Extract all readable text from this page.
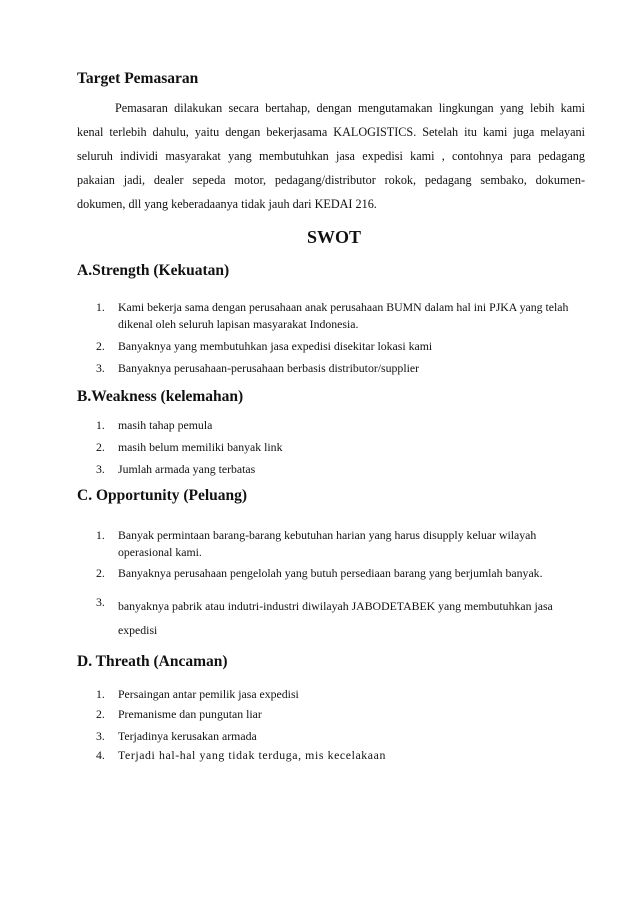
Target Pemasaran
Pemasaran dilakukan secara bertahap, dengan mengutamakan lingkungan yang lebih kami
kenal terlebih dahulu, yaitu dengan bekerjasama KALOGISTICS. Setelah itu kami juga melayani
seluruh individi masyarakat yang membutuhkan jasa expedisi kami , contohnya para pedagang
pakaian jadi, dealer sepeda motor, pedagang/distributor rokok, pedagang sembako, dokumen-
dokumen, dll yang keberadaanya tidak jauh dari KEDAI 216.
SWOT
A.Strength (Kekuatan)
1.	Kami bekerja sama dengan perusahaan anak perusahaan BUMN dalam hal ini PJKA yang telah dikenal oleh seluruh lapisan masyarakat Indonesia.
2.	Banyaknya yang membutuhkan jasa expedisi disekitar lokasi kami
3.	Banyaknya perusahaan-perusahaan berbasis distributor/supplier
B.Weakness (kelemahan)
1.	masih tahap pemula
2.	masih belum memiliki banyak link
3.	Jumlah armada yang terbatas
C. Opportunity (Peluang)
1.	Banyak permintaan barang-barang kebutuhan harian yang harus disupply keluar wilayah operasional kami.
2.	Banyaknya perusahaan pengelolah yang butuh persediaan barang yang berjumlah banyak.
3.	banyaknya pabrik atau indutri-industri diwilayah JABODETABEK yang membutuhkan jasa expedisi
D. Threath (Ancaman)
1.	Persaingan antar pemilik jasa expedisi
2.	Premanisme dan pungutan liar
3.	Terjadinya kerusakan armada
4.	Terjadi hal-hal yang tidak terduga, mis kecelakaan
